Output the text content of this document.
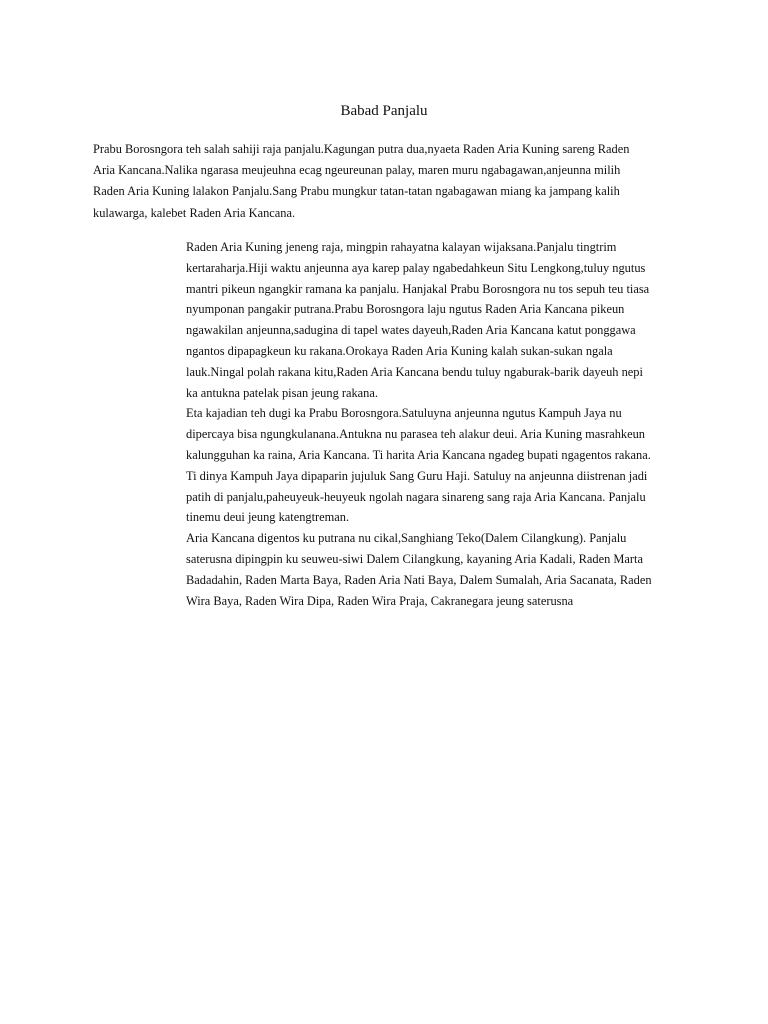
Babad Panjalu

Prabu Borosngora teh salah sahiji raja panjalu.Kagungan putra dua,nyaeta Raden Aria Kuning sareng Raden
Aria Kancana.Nalika ngarasa meujeuhna ecag ngeureunan palay, maren muru ngabagawan,anjeunna milih
Raden Aria Kuning lalakon Panjalu.Sang Prabu mungkur tatan-tatan ngabagawan miang ka jampang kalih
kulawarga, kalebet Raden Aria Kancana.

Raden Aria Kuning jeneng raja, mingpin rahayatna kalayan wijaksana.Panjalu tingtrim
kertaraharja.Hiji waktu anjeunna aya karep palay ngabedahkeun Situ Lengkong,tuluy ngutus
mantri pikeun ngangkir ramana ka panjalu. Hanjakal Prabu Borosngora nu tos sepuh teu tiasa
nyumponan pangakir putrana.Prabu Borosngora laju ngutus Raden Aria Kancana pikeun
ngawakilan anjeunna,sadugina di tapel wates dayeuh,Raden Aria Kancana katut ponggawa
ngantos dipapagkeun ku rakana.Orokaya Raden Aria Kuning kalah sukan-sukan ngala
lauk.Ningal polah rakana kitu,Raden Aria Kancana bendu tuluy ngaburak-barik dayeuh nepi
ka antukna patelak pisan jeung rakana.

Eta kajadian teh dugi ka Prabu Borosngora.Satuluyna anjeunna ngutus Kampuh Jaya nu
dipercaya bisa ngungkulanana.Antukna nu parasea teh alakur deui. Aria Kuning masrahkeun
kalungguhan ka raina, Aria Kancana. Ti harita Aria Kancana ngadeg bupati ngagentos rakana.
Ti dinya Kampuh Jaya dipaparin jujuluk Sang Guru Haji. Satuluy na anjeunna diistrenan jadi
patih di panjalu,paheuyeuk-heuyeuk ngolah nagara sinareng sang raja Aria Kancana. Panjalu
tinemu deui jeung katengtreman.

Aria Kancana digentos ku putrana nu cikal,Sanghiang Teko(Dalem Cilangkung). Panjalu
saterusna dipingpin ku seuweu-siwi Dalem Cilangkung, kayaning Aria Kadali, Raden Marta
Badadahin, Raden Marta Baya, Raden Aria Nati Baya, Dalem Sumalah, Aria Sacanata, Raden
Wira Baya, Raden Wira Dipa, Raden Wira Praja, Cakranegara jeung saterusna
